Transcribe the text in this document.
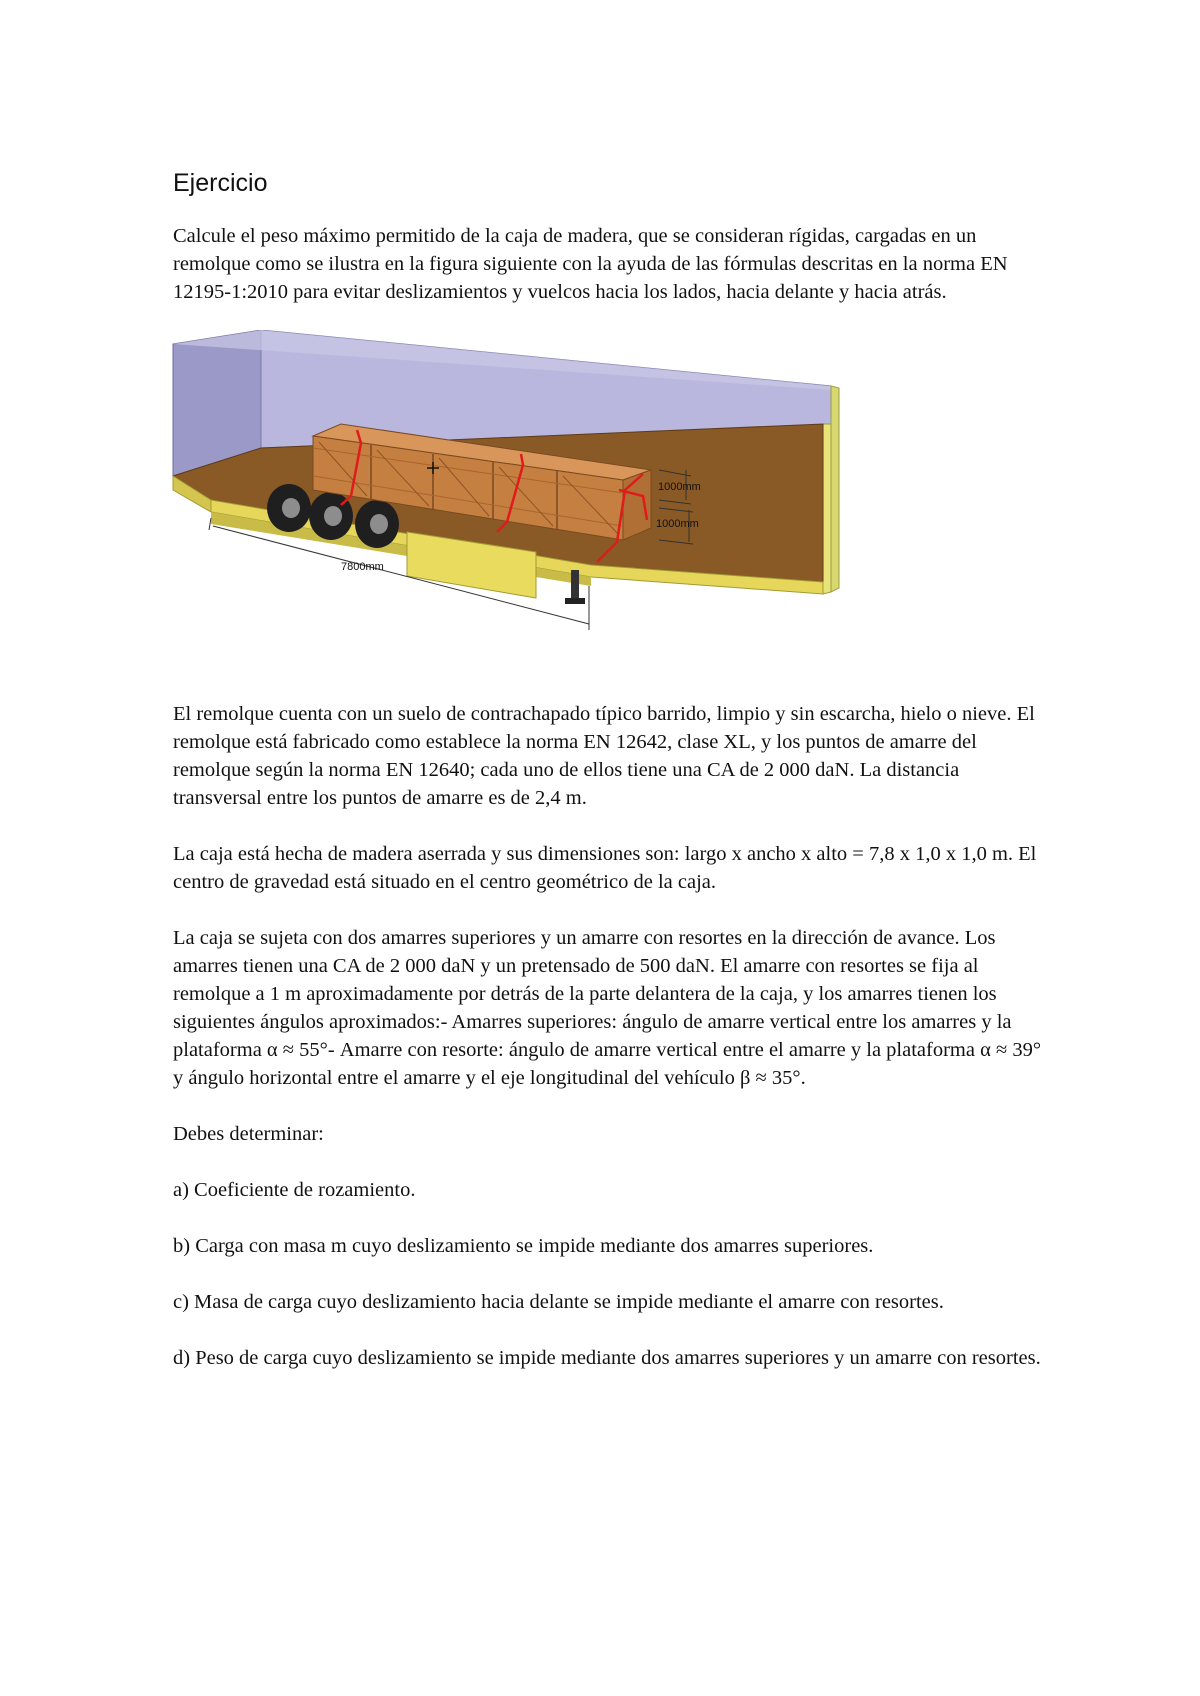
Ejercicio

Calcule el peso máximo permitido de la caja de madera, que se consideran rígidas, cargadas en un remolque como se ilustra en la figura siguiente con la ayuda de las fórmulas descritas en la norma EN 12195-1:2010 para evitar deslizamientos y vuelcos hacia los lados, hacia delante y hacia atrás.

1000mm
1000mm
7800mm

El remolque cuenta con un suelo de contrachapado típico barrido, limpio y sin escarcha, hielo o nieve. El remolque está fabricado como establece la norma EN 12642, clase XL, y los puntos de amarre del remolque según la norma EN 12640; cada uno de ellos tiene una CA de 2 000 daN. La distancia transversal entre los puntos de amarre es de 2,4 m.

La caja está hecha de madera aserrada y sus dimensiones son: largo x ancho x alto = 7,8 x 1,0 x 1,0 m. El centro de gravedad está situado en el centro geométrico de la caja.

La caja se sujeta con dos amarres superiores y un amarre con resortes en la dirección de avance. Los amarres tienen una CA de 2 000 daN y un pretensado de 500 daN. El amarre con resortes se fija al remolque a 1 m aproximadamente por detrás de la parte delantera de la caja, y los amarres tienen los siguientes ángulos aproximados:- Amarres superiores: ángulo de amarre vertical entre los amarres y la plataforma α ≈ 55°- Amarre con resorte: ángulo de amarre vertical entre el amarre y la plataforma α ≈ 39° y ángulo horizontal entre el amarre y el eje longitudinal del vehículo β ≈ 35°.

Debes determinar:

a) Coeficiente de rozamiento.

b) Carga con masa m cuyo deslizamiento se impide mediante dos amarres superiores.

c) Masa de carga cuyo deslizamiento hacia delante se impide mediante el amarre con resortes.

d) Peso de carga cuyo deslizamiento se impide mediante dos amarres superiores y un amarre con resortes.
